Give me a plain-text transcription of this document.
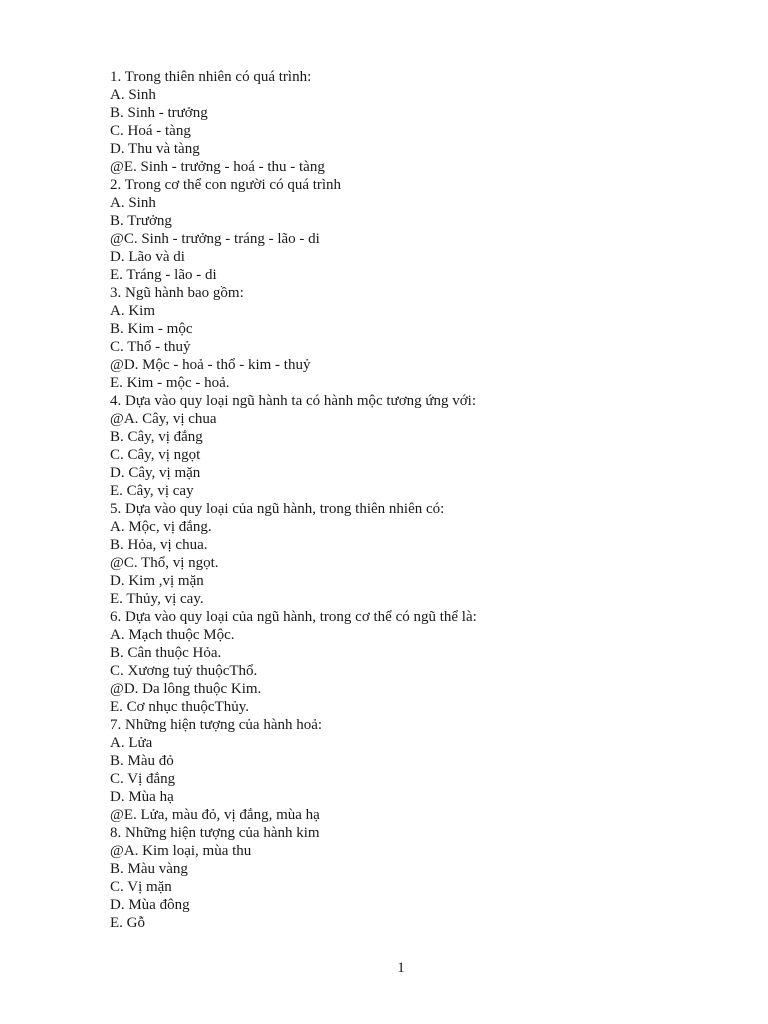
1. Trong thiên nhiên có quá trình:
A. Sinh
B. Sinh - trưởng
C. Hoá - tàng
D. Thu và tàng
@E. Sinh - trưởng - hoá - thu - tàng
2. Trong cơ thể con người có quá trình
A. Sinh
B. Trưởng
@C. Sinh - trưởng - tráng - lão - di
D. Lão và di
E. Tráng - lão - di
3. Ngũ hành bao gồm:
A. Kim
B. Kim - mộc
C. Thổ - thuỷ
@D. Mộc - hoả - thổ - kim - thuỷ
E. Kim - mộc - hoả.
4. Dựa vào quy loại ngũ hành ta có hành mộc tương ứng với:
@A. Cây, vị chua
B. Cây, vị đắng
C. Cây, vị ngọt
D. Cây, vị mặn
E. Cây, vị cay
5. Dựa vào quy loại của ngũ hành, trong thiên nhiên có:
A. Mộc, vị đắng.
B. Hỏa, vị chua.
@C. Thổ, vị ngọt.
D. Kim ,vị mặn
E. Thủy, vị cay.
6. Dựa vào quy loại của ngũ hành, trong cơ thể có ngũ thể là:
A. Mạch thuộc Mộc.
B. Cân thuộc Hỏa.
C. Xương tuỷ thuộcThổ.
@D. Da lông thuộc Kim.
E. Cơ nhục thuộcThủy.
7. Những hiện tượng của hành hoả:
A. Lửa
B. Màu đỏ
C. Vị đắng
D. Mùa hạ
@E. Lửa, màu đỏ, vị đắng, mùa hạ
8. Những hiện tượng của hành kim
@A. Kim loại, mùa thu
B. Màu vàng
C. Vị mặn
D. Mùa đông
E. Gỗ
1
